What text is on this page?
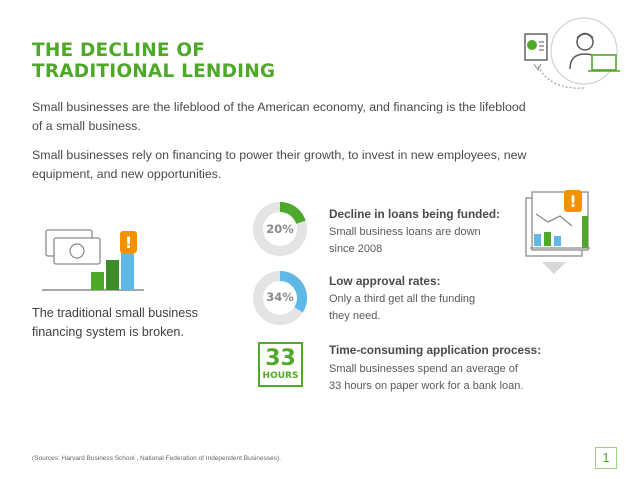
THE DECLINE OF
TRADITIONAL LENDING

Small businesses are the lifeblood of the American economy, and financing is the lifeblood of a small business.

Small businesses rely on financing to power their growth, to invest in new employees, new equipment, and new opportunities.

!

The traditional small business financing system is broken.

20%

Decline in loans being funded:

Small business loans are down

since 2008

!
34%

Low approval rates:

Only a third get all the funding

they need.

33
HOURS

Time-consuming application process:

Small businesses spend an average of

33 hours on paper work for a bank loan.

(Sources: Harvard Business School , National Federation of Independent Businesses).	1
